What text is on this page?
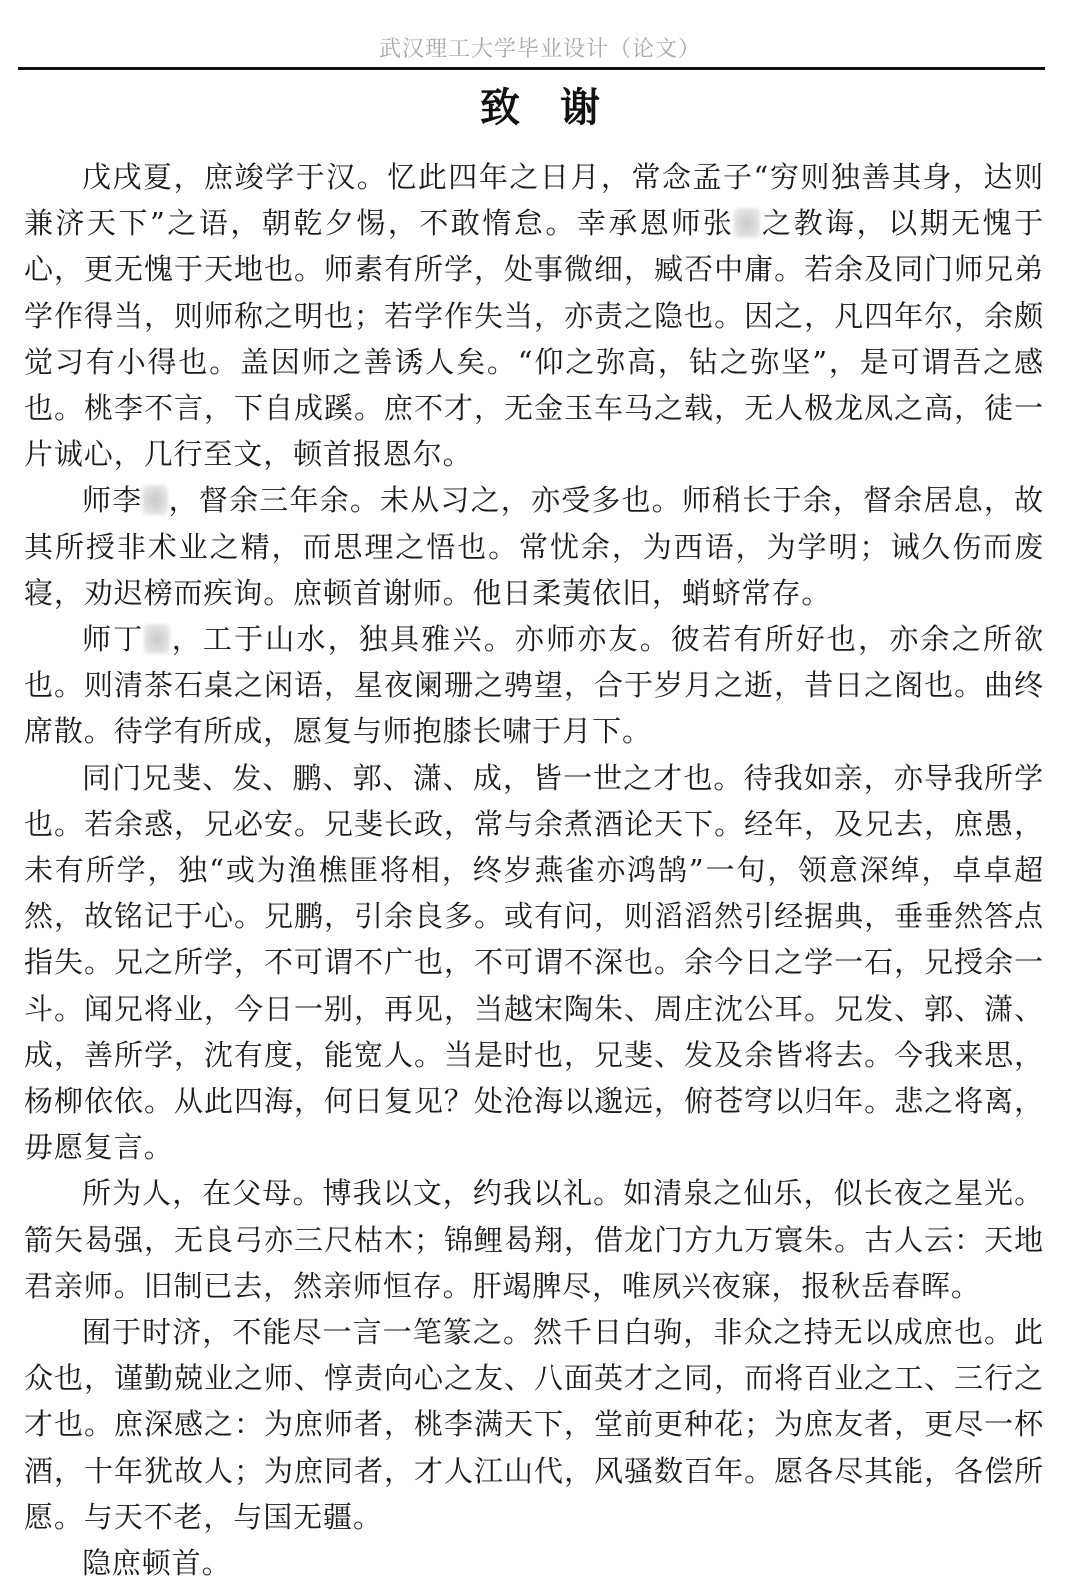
武汉理工大学毕业设计（论文）
致 谢

戊戌夏，庶竣学于汉。忆此四年之日月，常念孟子“穷则独善其身，达则兼济天下”之语，朝乾夕惕，不敢惰怠。幸承恩师张 之教诲，以期无愧于心，更无愧于天地也。师素有所学，处事微细，臧否中庸。若余及同门师兄弟学作得当，则师称之明也；若学作失当，亦责之隐也。因之，凡四年尔，余颇觉习有小得也。盖因师之善诱人矣。“仰之弥高，钻之弥坚”，是可谓吾之感也。桃李不言，下自成蹊。庶不才，无金玉车马之载，无人极龙凤之高，徒一片诚心，几行至文，顿首报恩尔。

师李 ，督余三年余。未从习之，亦受多也。师稍长于余，督余居息，故其所授非术业之精，而思理之悟也。常忧余，为西语，为学明；诫久伤而废寝，劝迟榜而疾询。庶顿首谢师。他日柔荑依旧，蛸蛴常存。

师丁 ，工于山水，独具雅兴。亦师亦友。彼若有所好也，亦余之所欲也。则清茶石桌之闲语，星夜阑珊之骋望，合于岁月之逝，昔日之阁也。曲终席散。待学有所成，愿复与师抱膝长啸于月下。

同门兄斐、发、鹏、郭、潇、成，皆一世之才也。待我如亲，亦导我所学也。若余惑，兄必安。兄斐长政，常与余煮酒论天下。经年，及兄去，庶愚，未有所学，独“或为渔樵匪将相，终岁燕雀亦鸿鹄”一句，领意深绰，卓卓超然，故铭记于心。兄鹏，引余良多。或有问，则滔滔然引经据典，垂垂然答点指失。兄之所学，不可谓不广也，不可谓不深也。余今日之学一石，兄授余一斗。闻兄将业，今日一别，再见，当越宋陶朱、周庄沈公耳。兄发、郭、潇、成，善所学，沈有度，能宽人。当是时也，兄斐、发及余皆将去。今我来思，杨柳依依。从此四海，何日复见？处沧海以邈远，俯苍穹以归年。悲之将离，毋愿复言。

所为人，在父母。博我以文，约我以礼。如清泉之仙乐，似长夜之星光。箭矢曷强，无良弓亦三尺枯木；锦鲤曷翔，借龙门方九万寰朱。古人云：天地君亲师。旧制已去，然亲师恒存。肝竭脾尽，唯夙兴夜寐，报秋岳春晖。

囿于时济，不能尽一言一笔篆之。然千日白驹，非众之持无以成庶也。此众也，谨勤兢业之师、惇责向心之友、八面英才之同，而将百业之工、三行之才也。庶深感之：为庶师者，桃李满天下，堂前更种花；为庶友者，更尽一杯酒，十年犹故人；为庶同者，才人江山代，风骚数百年。愿各尽其能，各偿所愿。与天不老，与国无疆。

隐庶顿首。
